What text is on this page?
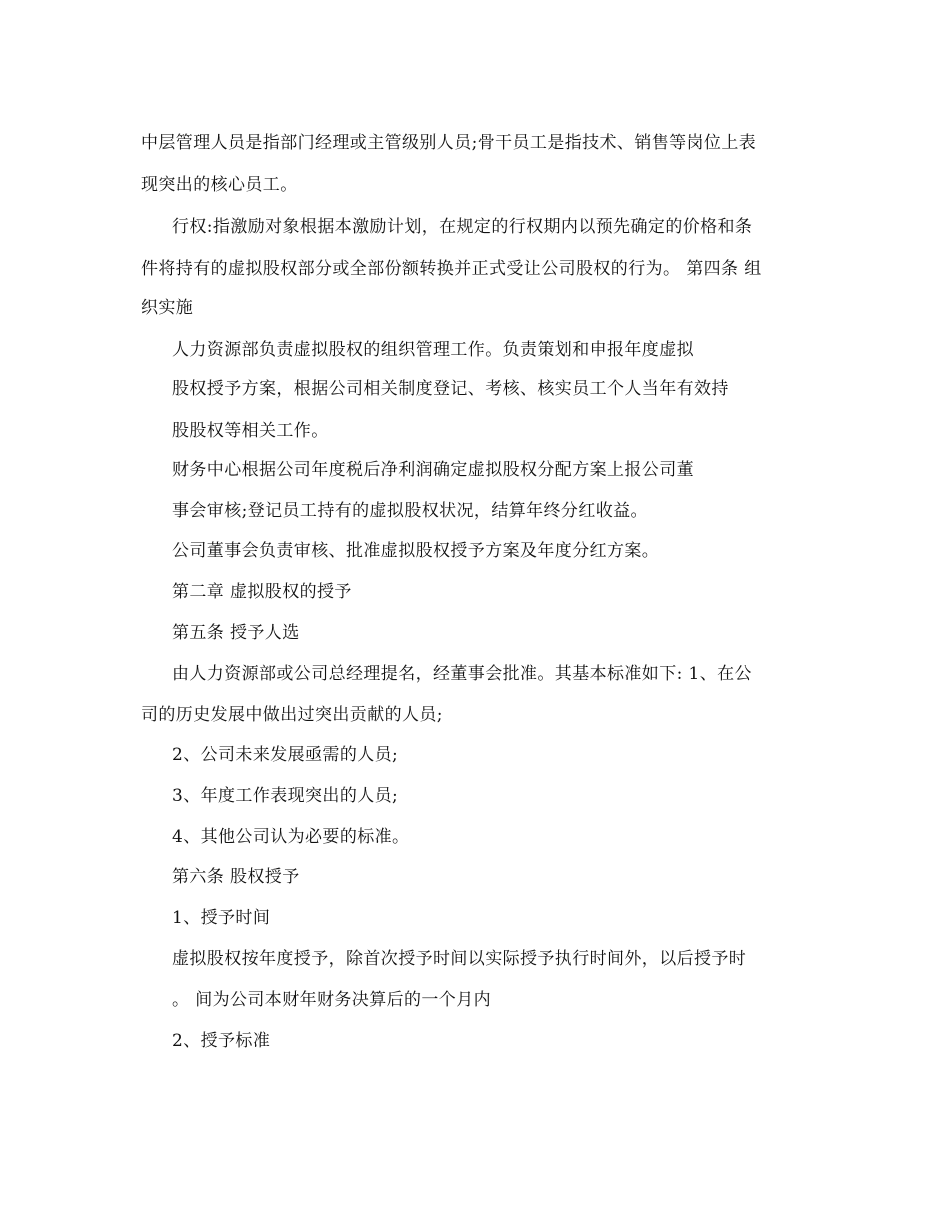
中层管理人员是指部门经理或主管级别人员;骨干员工是指技术、销售等岗位上表
现突出的核心员工。
行权:指激励对象根据本激励计划，在规定的行权期内以预先确定的价格和条
件将持有的虚拟股权部分或全部份额转换并正式受让公司股权的行为。 第四条 组
织实施
人力资源部负责虚拟股权的组织管理工作。负责策划和申报年度虚拟
股权授予方案，根据公司相关制度登记、考核、核实员工个人当年有效持
股股权等相关工作。
财务中心根据公司年度税后净利润确定虚拟股权分配方案上报公司董
事会审核;登记员工持有的虚拟股权状况，结算年终分红收益。
公司董事会负责审核、批准虚拟股权授予方案及年度分红方案。
第二章 虚拟股权的授予
第五条 授予人选
由人力资源部或公司总经理提名，经董事会批准。其基本标准如下: 1、在公
司的历史发展中做出过突出贡献的人员;
2、公司未来发展亟需的人员;
3、年度工作表现突出的人员;
4、其他公司认为必要的标准。
第六条 股权授予
1、授予时间
虚拟股权按年度授予，除首次授予时间以实际授予执行时间外，以后授予时
。 间为公司本财年财务决算后的一个月内
2、授予标准
